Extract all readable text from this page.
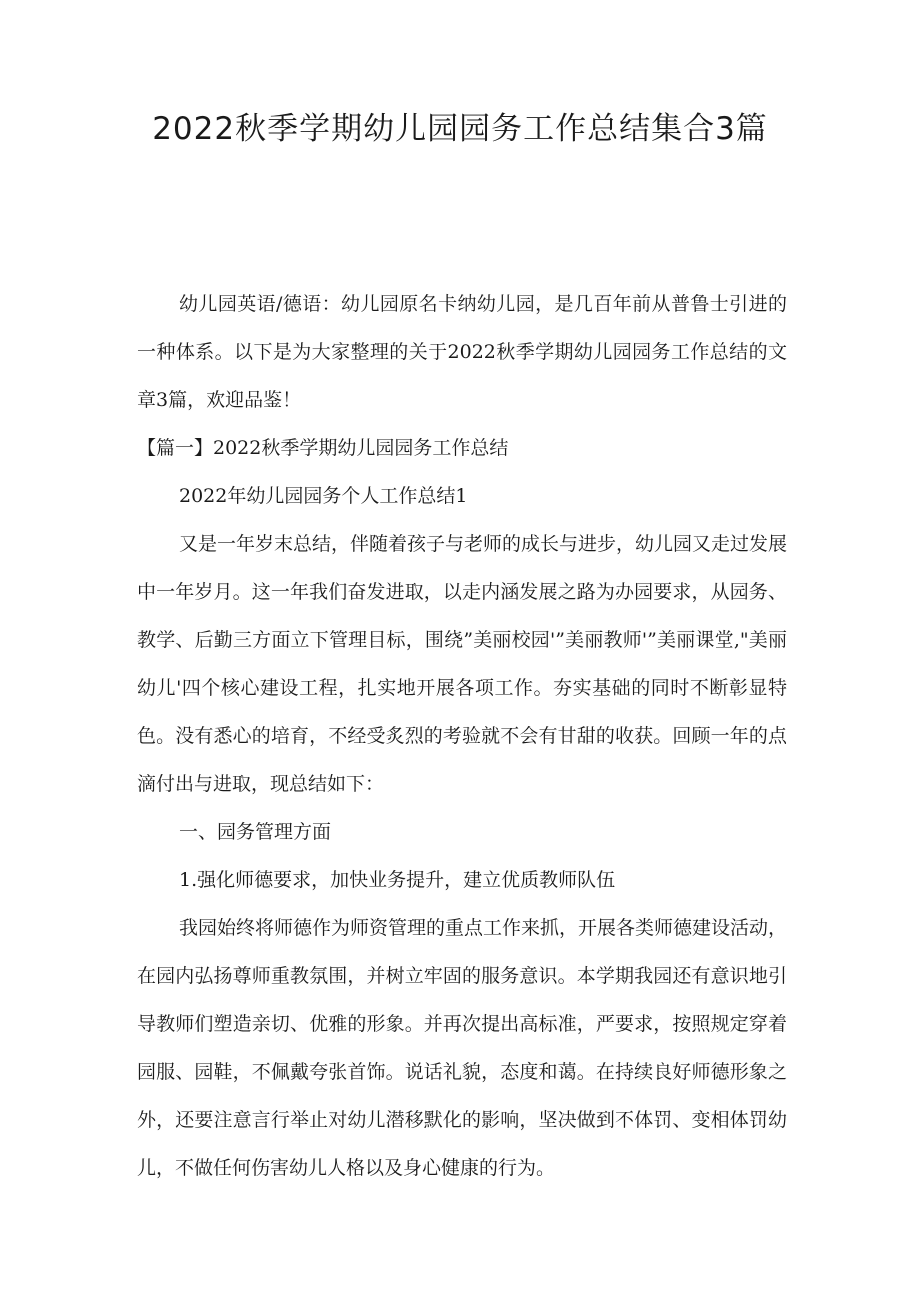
2022秋季学期幼儿园园务工作总结集合3篇

幼儿园英语/德语：幼儿园原名卡纳幼儿园，是几百年前从普鲁士引进的一种体系。以下是为大家整理的关于2022秋季学期幼儿园园务工作总结的文章3篇，欢迎品鉴！

【篇一】2022秋季学期幼儿园园务工作总结

2022年幼儿园园务个人工作总结1

又是一年岁末总结，伴随着孩子与老师的成长与进步，幼儿园又走过发展中一年岁月。这一年我们奋发进取，以走内涵发展之路为办园要求，从园务、教学、后勤三方面立下管理目标，围绕”美丽校园'”美丽教师'”美丽课堂,"美丽幼儿'四个核心建设工程，扎实地开展各项工作。夯实基础的同时不断彰显特色。没有悉心的培育，不经受炙烈的考验就不会有甘甜的收获。回顾一年的点滴付出与进取，现总结如下：

一、园务管理方面

1.强化师德要求，加快业务提升，建立优质教师队伍

我园始终将师德作为师资管理的重点工作来抓，开展各类师德建设活动，在园内弘扬尊师重教氛围，并树立牢固的服务意识。本学期我园还有意识地引导教师们塑造亲切、优雅的形象。并再次提出高标准，严要求，按照规定穿着园服、园鞋，不佩戴夸张首饰。说话礼貌，态度和蔼。在持续良好师德形象之外，还要注意言行举止对幼儿潜移默化的影响，坚决做到不体罚、变相体罚幼儿，不做任何伤害幼儿人格以及身心健康的行为。
